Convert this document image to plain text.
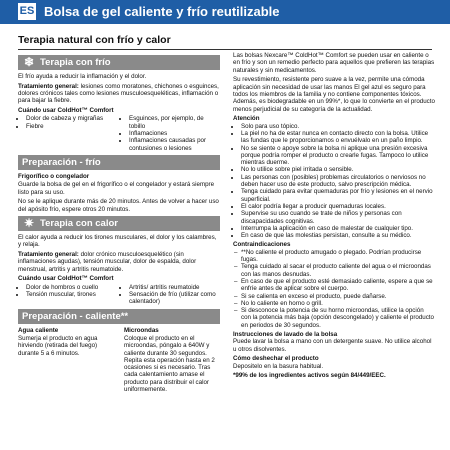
ES Bolsa de gel caliente y frío reutilizable
Terapia natural con frío y calor
❄ Terapia con frío

El frío ayuda a reducir la inflamación y el dolor.

Tratamiento general: lesiones como moratones, chichones o esguinces, dolores crónicos tales como lesiones musculoesqueléticas, inflamación o para bajar la fiebre.

Cuándo usar ColdHot™ Comfort

• Dolor de cabeza y migrañas
• Fiebre
• Esguinces, por ejemplo, de tobillo
• Inflamaciones
• Inflamaciones causadas por contusiones o lesiones
Preparación - frío

Frigorífico o congelador

Guarde la bolsa de gel en el frigorífico o el congelador y estará siempre listo para su uso.

No se le aplique durante más de 20 minutos. Antes de volver a hacer uso del apósito frío, espere otros 20 minutos.

✷ Terapia con calor

El calor ayuda a reducir los tirones musculares, el dolor y los calambres, y relaja.

Tratamiento general: dolor crónico musculoesquelético (sin inflamaciones agudas), tensión muscular, dolor de espalda, dolor menstrual, artritis y artritis reumatoide.

Cuándo usar ColdHot™ Comfort

• Dolor de hombros o cuello
• Tensión muscular, tirones
• Artritis/ artritis reumatoide
• Sensación de frío (utilizar como calentador)
Preparación - caliente**
Agua caliente
Sumerja el producto en agua hirviendo (retirada del fuego) durante 5 a 6 minutos.
Microondas
Coloque el producto en el microondas, póngalo a 640W y caliente durante 30 segundos. Repita esta operación hasta en 2 ocasiones si es necesario. Tras cada calentamiento amase el producto para distribuir el calor uniformemente.

Las bolsas Nexcare™ ColdHot™ Comfort se pueden usar en caliente o en frío y son un remedio perfecto para aquellos que prefieren las terapias naturales y sin medicamentos.

Su revestimiento, resistente pero suave a la vez, permite una cómoda aplicación sin necesidad de usar las manos El gel azul es seguro para todos los miembros de la familia y no contiene componentes tóxicos. Además, es biodegradable en un 99%*, lo que lo convierte en el producto menos perjudicial de su categoría de la actualidad.

Atención

• Solo para uso tópico.
• La piel no ha de estar nunca en contacto directo con la bolsa. Utilice las fundas que le proporcionamos o envuélvalo en un paño limpio.
• No se siente o apoye sobre la bolsa ni aplique una presión excesiva porque podría romper el producto o crearle fugas. Tampoco lo utilice mientras duerme.
• No lo utilice sobre piel irritada o sensible.
• Las personas con (posibles) problemas circulatorios o nerviosos no deben hacer uso de este producto, salvo prescripción médica.
• Tenga cuidado para evitar quemaduras por frío y lesiones en el nervio superficial.
• El calor podría llegar a producir quemaduras locales.
• Supervise su uso cuando se trate de niños y personas con discapacidades cognitivas.
• Interrumpa la aplicación en caso de malestar de cualquier tipo.
• En caso de que las molestias persistan, consulte a su médico.

Contraindicaciones

– **No caliente el producto amugado o plegado. Podrían producirse fugas.
– Tenga cuidado al sacar el producto caliente del agua o el microondas con las manos desnudas.
– En caso de que el producto esté demasiado caliente, espere a que se enfríe antes de aplicar sobre el cuerpo.
– Si se calienta en exceso el producto, puede dañarse.
– No lo caliente en horno o grill.
– Si desconoce la potencia de su horno microondas, utilice la opción con la potencia más baja (opción descongelado) y caliente el producto en periodos de 30 segundos.

Instrucciones de lavado de la bolsa

Puede lavar la bolsa a mano con un detergente suave. No utilice alcohol u otros disolventes.

Cómo deshechar el producto

Depositelo en la basura habitual.

*99% de los ingredientes activos según 84/449/EEC.
